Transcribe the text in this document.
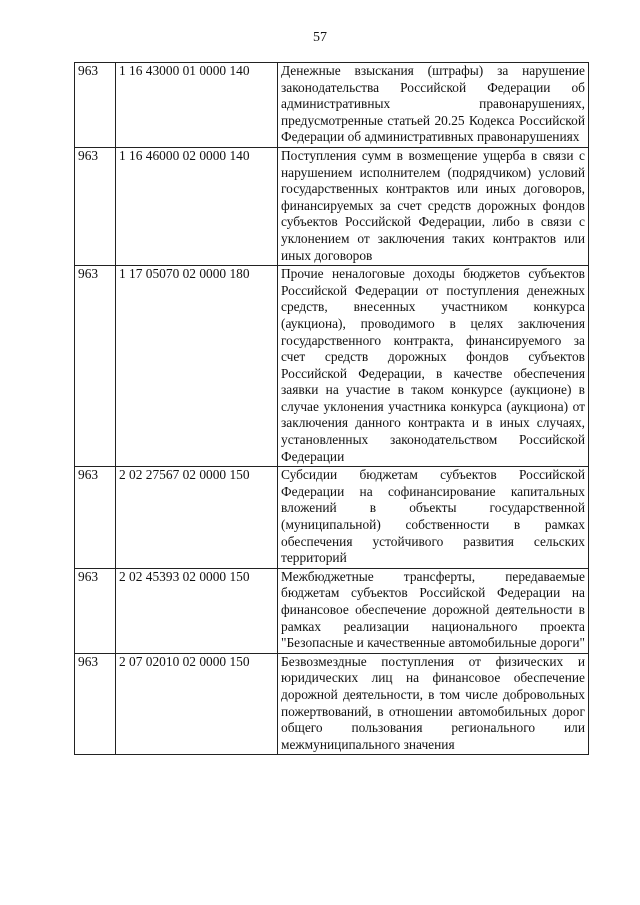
57
963	1 16 43000 01 0000 140	Денежные взыскания (штрафы) за нарушение законодательства Российской Федерации об административных правонарушениях, предусмотренные статьей 20.25 Кодекса Российской Федерации об административных правонарушениях
963	1 16 46000 02 0000 140	Поступления сумм в возмещение ущерба в связи с нарушением исполнителем (подрядчиком) условий государственных контрактов или иных договоров, финансируемых за счет средств дорожных фондов субъектов Российской Федерации, либо в связи с уклонением от заключения таких контрактов или иных договоров
963	1 17 05070 02 0000 180	Прочие неналоговые доходы бюджетов субъектов Российской Федерации от поступления денежных средств, внесенных участником конкурса (аукциона), проводимого в целях заключения государственного контракта, финансируемого за счет средств дорожных фондов субъектов Российской Федерации, в качестве обеспечения заявки на участие в таком конкурсе (аукционе) в случае уклонения участника конкурса (аукциона) от заключения данного контракта и в иных случаях, установленных законодательством Российской Федерации
963	2 02 27567 02 0000 150	Субсидии бюджетам субъектов Российской Федерации на софинансирование капитальных вложений в объекты государственной (муниципальной) собственности в рамках обеспечения устойчивого развития сельских территорий
963	2 02 45393 02 0000 150	Межбюджетные трансферты, передаваемые бюджетам субъектов Российской Федерации на финансовое обеспечение дорожной деятельности в рамках реализации национального проекта "Безопасные и качественные автомобильные дороги"
963	2 07 02010 02 0000 150	Безвозмездные поступления от физических и юридических лиц на финансовое обеспечение дорожной деятельности, в том числе добровольных пожертвований, в отношении автомобильных дорог общего пользования регионального или межмуниципального значения
